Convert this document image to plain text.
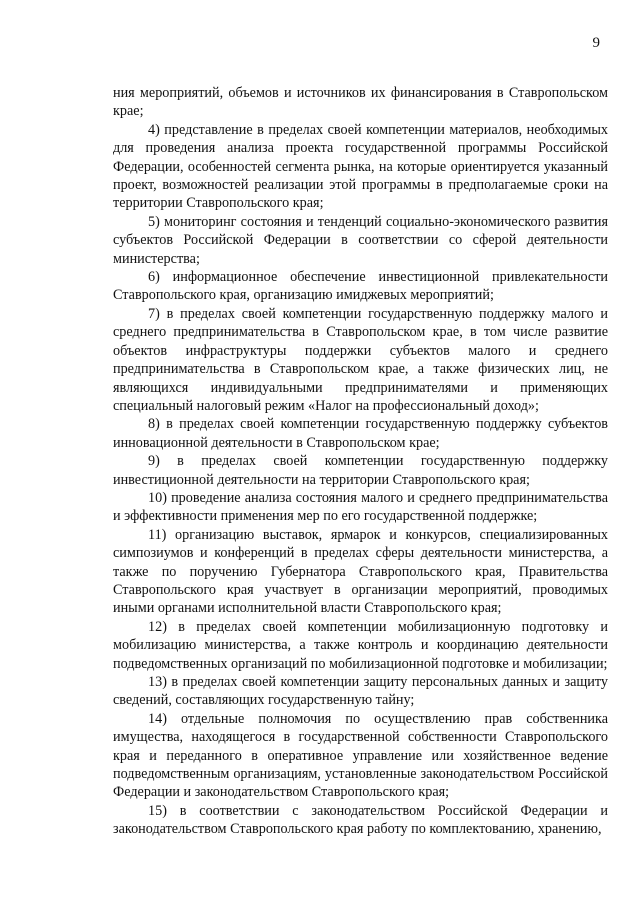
9

ния мероприятий, объемов и источников их финансирования в Ставропольском крае;

4) представление в пределах своей компетенции материалов, необходимых для проведения анализа проекта государственной программы Российской Федерации, особенностей сегмента рынка, на которые ориентируется указанный проект, возможностей реализации этой программы в предполагаемые сроки на территории Ставропольского края;

5) мониторинг состояния и тенденций социально-экономического развития субъектов Российской Федерации в соответствии со сферой деятельности министерства;

6) информационное обеспечение инвестиционной привлекательности Ставропольского края, организацию имиджевых мероприятий;

7) в пределах своей компетенции государственную поддержку малого и среднего предпринимательства в Ставропольском крае, в том числе развитие объектов инфраструктуры поддержки субъектов малого и среднего предпринимательства в Ставропольском крае, а также физических лиц, не являющихся индивидуальными предпринимателями и применяющих специальный налоговый режим «Налог на профессиональный доход»;

8) в пределах своей компетенции государственную поддержку субъектов инновационной деятельности в Ставропольском крае;

9) в пределах своей компетенции государственную поддержку инвестиционной деятельности на территории Ставропольского края;

10) проведение анализа состояния малого и среднего предпринимательства и эффективности применения мер по его государственной поддержке;

11) организацию выставок, ярмарок и конкурсов, специализированных симпозиумов и конференций в пределах сферы деятельности министерства, а также по поручению Губернатора Ставропольского края, Правительства Ставропольского края участвует в организации мероприятий, проводимых иными органами исполнительной власти Ставропольского края;

12) в пределах своей компетенции мобилизационную подготовку и мобилизацию министерства, а также контроль и координацию деятельности подведомственных организаций по мобилизационной подготовке и мобилизации;

13) в пределах своей компетенции защиту персональных данных и защиту сведений, составляющих государственную тайну;

14) отдельные полномочия по осуществлению прав собственника имущества, находящегося в государственной собственности Ставропольского края и переданного в оперативное управление или хозяйственное ведение подведомственным организациям, установленные законодательством Российской Федерации и законодательством Ставропольского края;

15) в соответствии с законодательством Российской Федерации и законодательством Ставропольского края работу по комплектованию, хранению,
